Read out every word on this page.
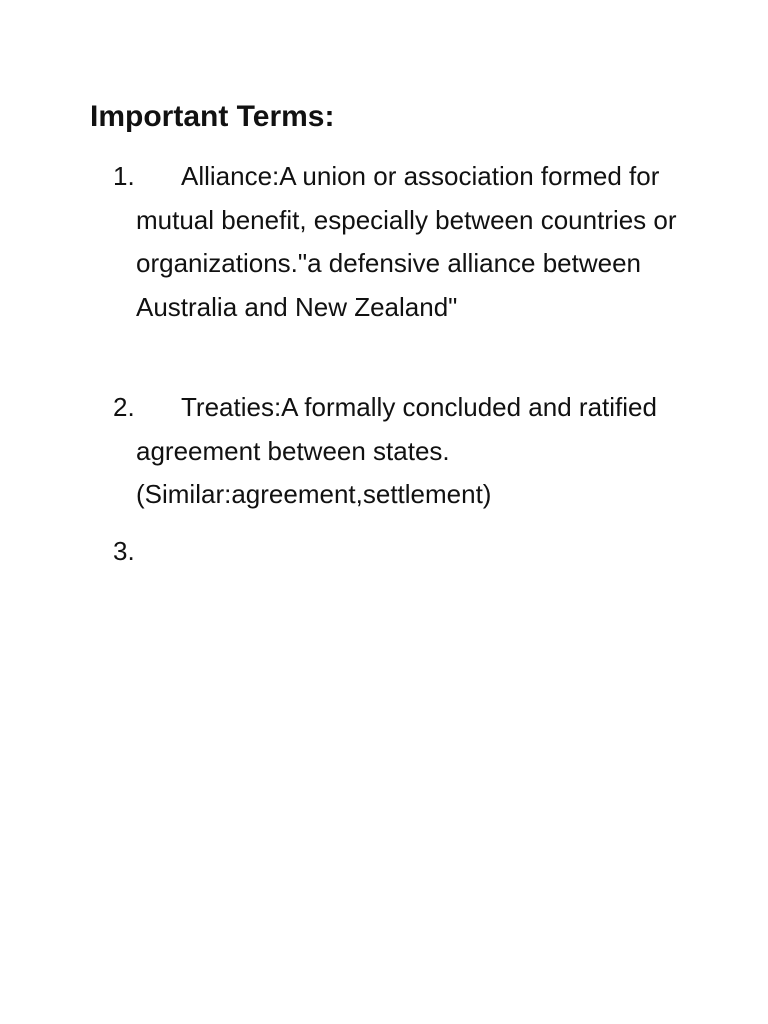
Important Terms:
1.	Alliance:A union or association formed for mutual benefit, especially between countries or organizations."a defensive alliance between Australia and New Zealand"
2.	Treaties:A formally concluded and ratified agreement between states.(Similar:agreement,settlement)
3.
